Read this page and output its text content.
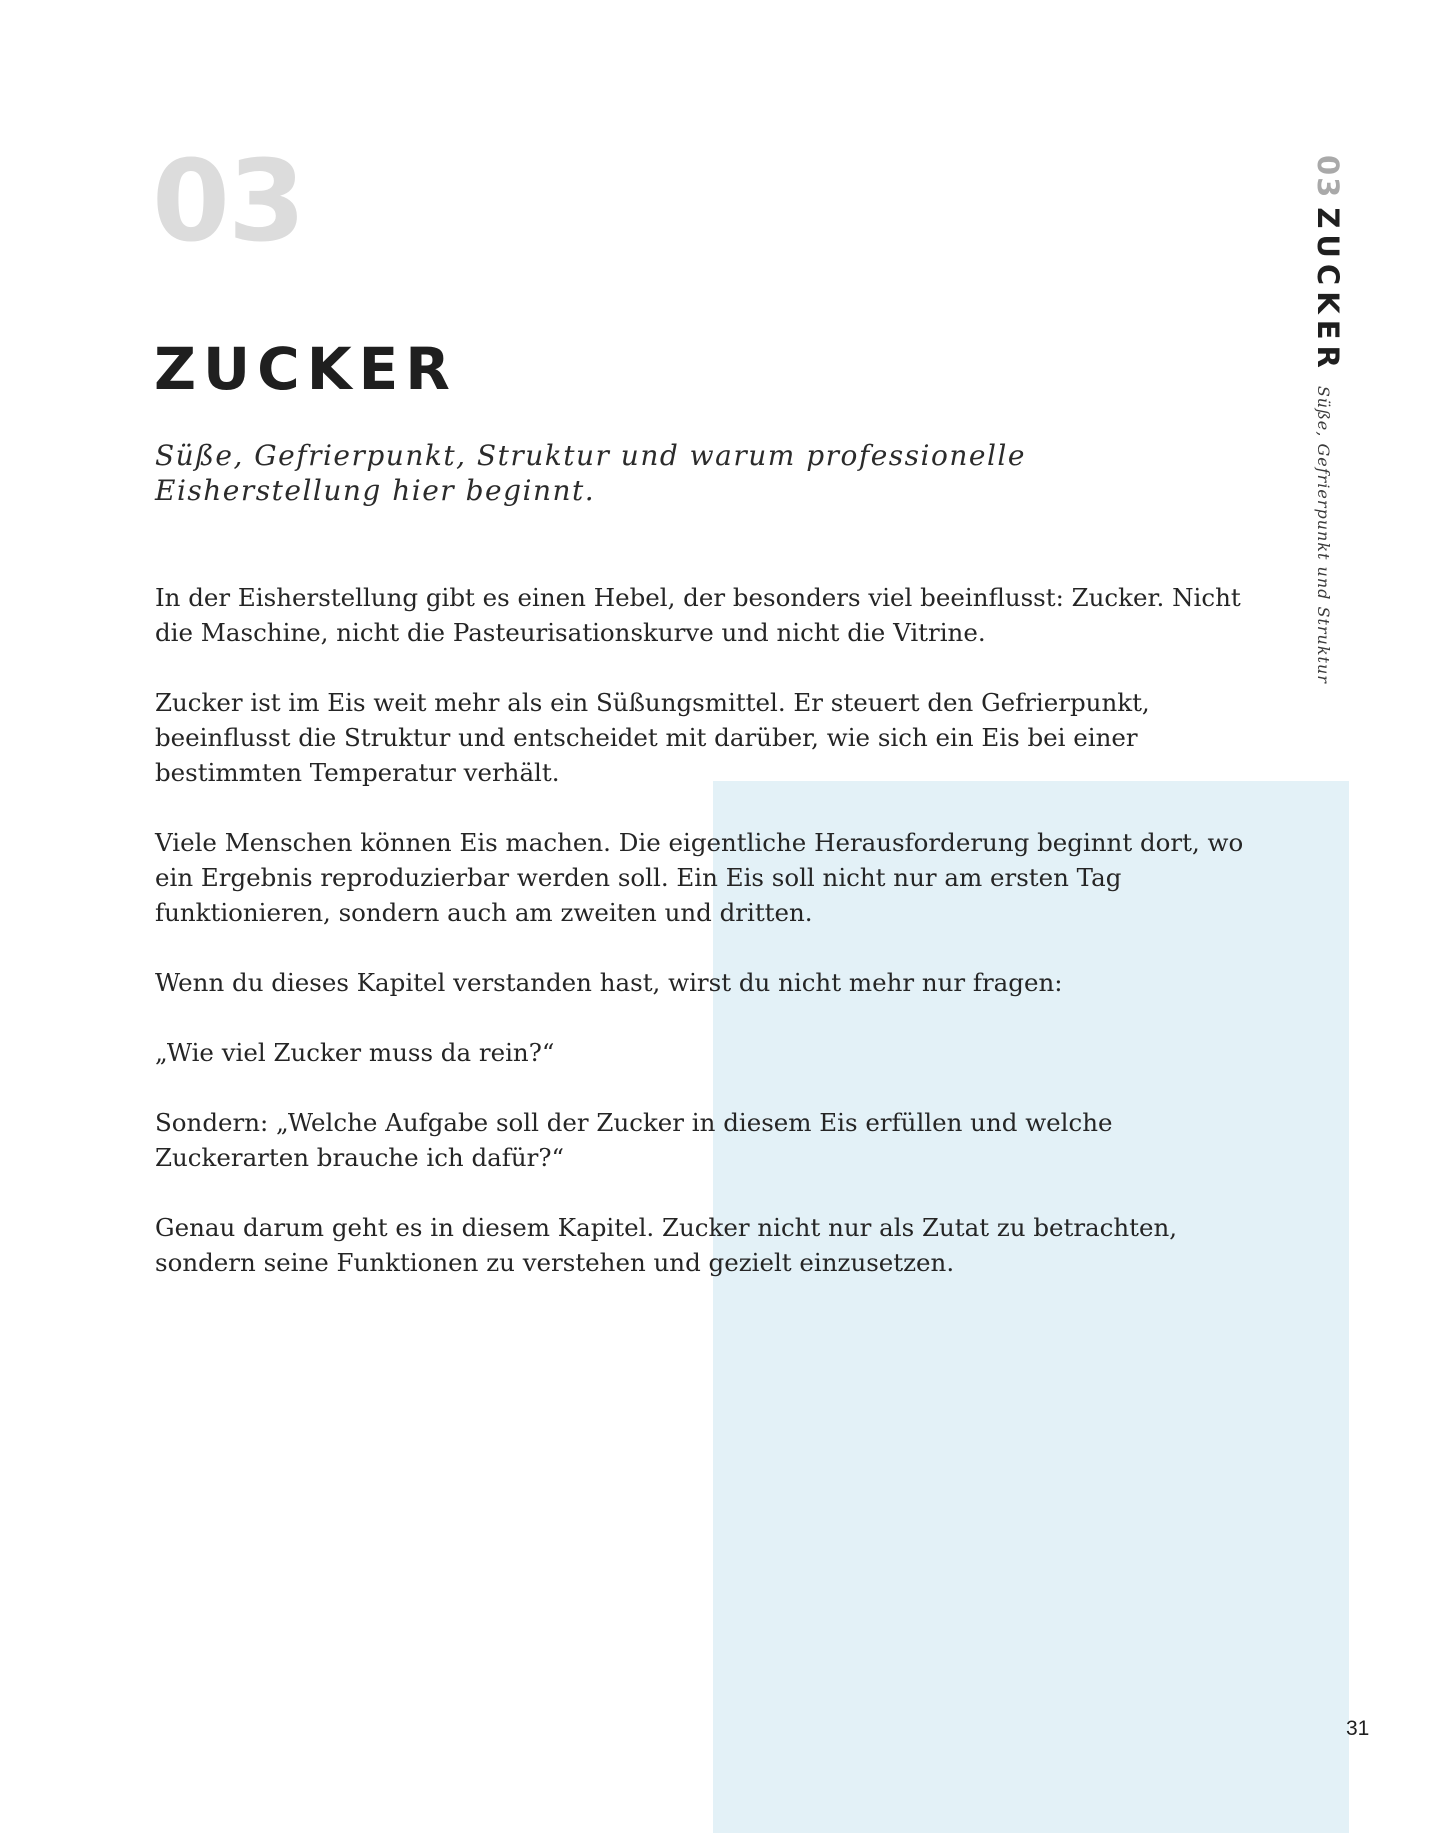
03
ZUCKER

Süße, Gefrierpunkt, Struktur und warum professionelle Eisherstellung hier beginnt.

In der Eisherstellung gibt es einen Hebel, der besonders viel beeinflusst: Zucker. Nicht die Maschine, nicht die Pasteurisationskurve und nicht die Vitrine.

Zucker ist im Eis weit mehr als ein Süßungsmittel. Er steuert den Gefrierpunkt, beeinflusst die Struktur und entscheidet mit darüber, wie sich ein Eis bei einer bestimmten Temperatur verhält.

Viele Menschen können Eis machen. Die eigentliche Herausforderung beginnt dort, wo ein Ergebnis reproduzierbar werden soll. Ein Eis soll nicht nur am ersten Tag funktionieren, sondern auch am zweiten und dritten.

Wenn du dieses Kapitel verstanden hast, wirst du nicht mehr nur fragen:

„Wie viel Zucker muss da rein?“

Sondern: „Welche Aufgabe soll der Zucker in diesem Eis erfüllen und welche Zuckerarten brauche ich dafür?“

Genau darum geht es in diesem Kapitel. Zucker nicht nur als Zutat zu betrachten, sondern seine Funktionen zu verstehen und gezielt einzusetzen.

03ZUCKERSüße, Gefrierpunkt und Struktur
31
